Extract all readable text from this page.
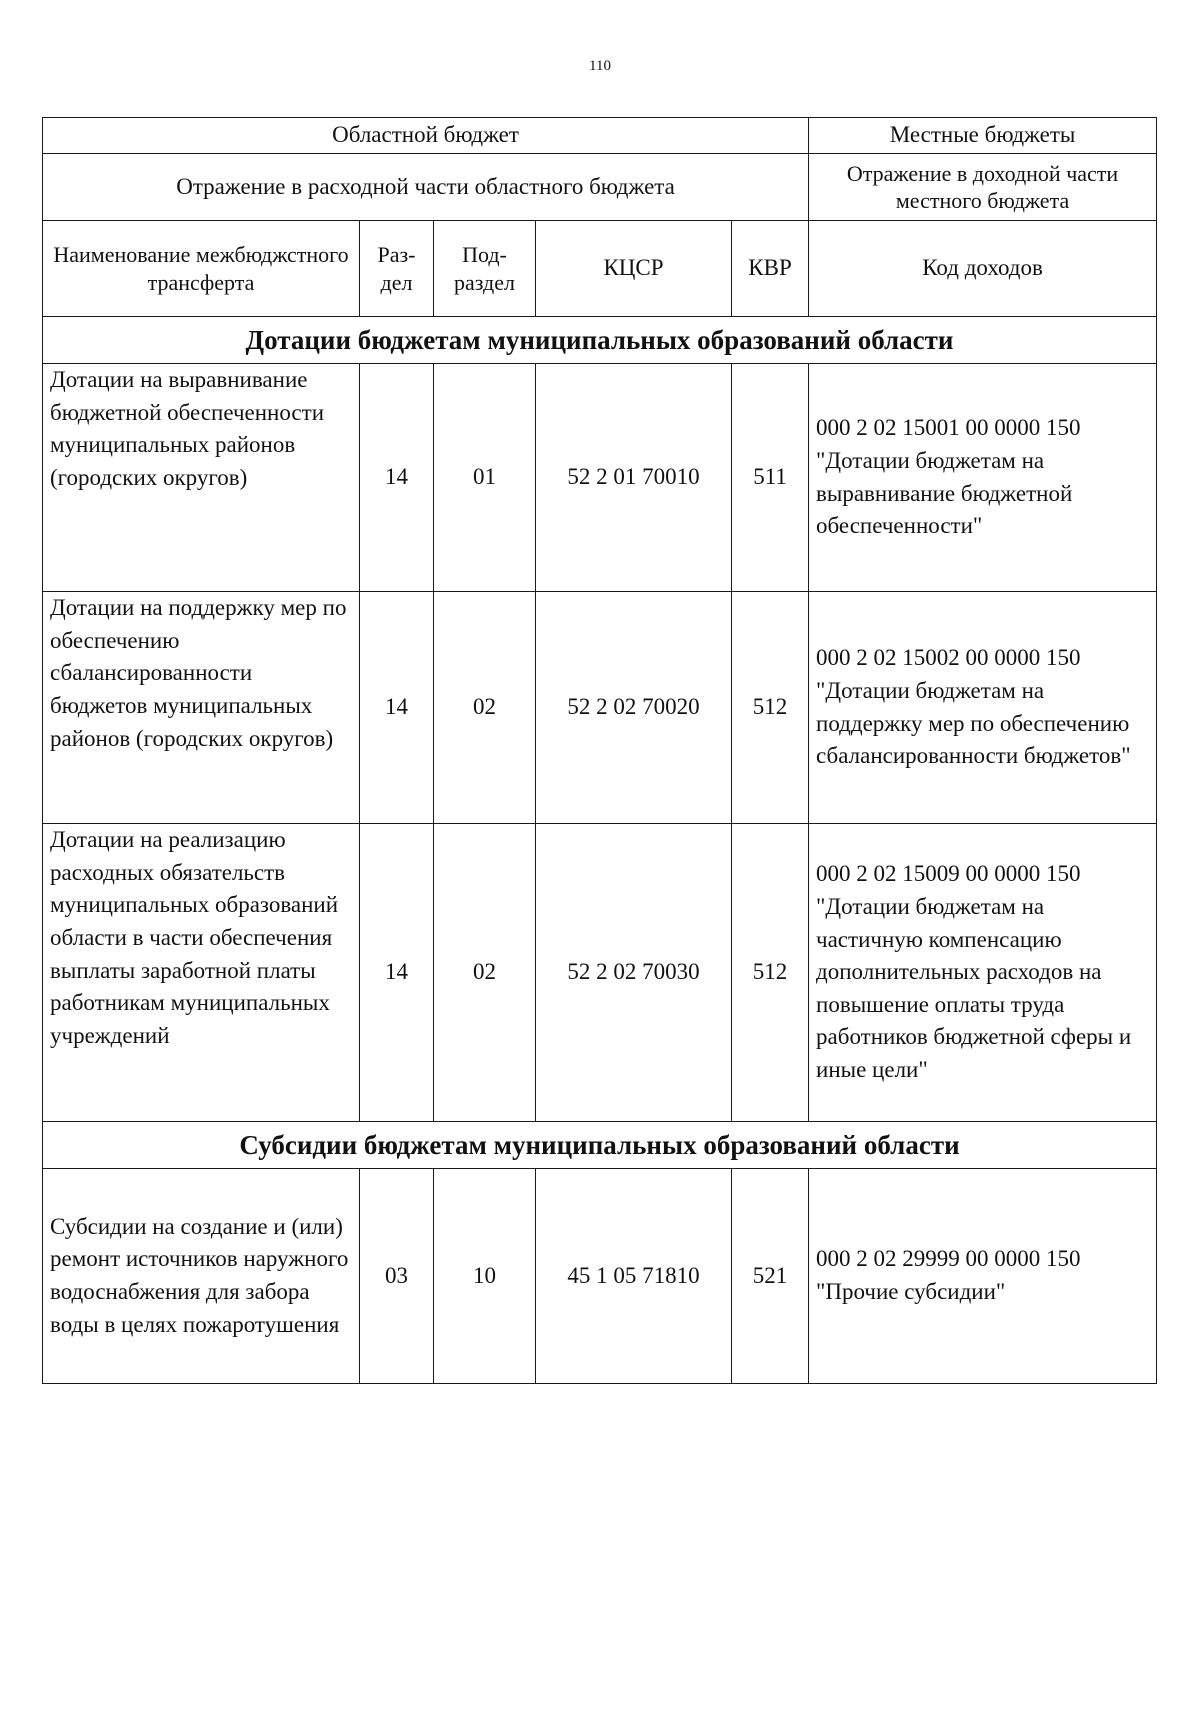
110
Областной бюджет					Местные бюджеты
Отражение в расходной части областного бюджета					Отражение в доходной части местного бюджета
Наименование межбюджстного трансферта	Раз-дел	Под-раздел	КЦСР	КВР	Код доходов
Дотации бюджетам муниципальных образований области					
Дотации на выравнивание бюджетной обеспеченности муниципальных районов (городских округов)	14	01	52 2 01 70010	511	000 2 02 15001 00 0000 150 "Дотации бюджетам на выравнивание бюджетной обеспеченности"
Дотации на поддержку мер по обеспечению сбалансированности бюджетов муниципальных районов (городских округов)	14	02	52 2 02 70020	512	000 2 02 15002 00 0000 150 "Дотации бюджетам на поддержку мер по обеспечению сбалансированности бюджетов"
Дотации на реализацию расходных обязательств муниципальных образований области в части обеспечения выплаты заработной платы работникам муниципальных учреждений	14	02	52 2 02 70030	512	000 2 02 15009 00 0000 150 "Дотации бюджетам на частичную компенсацию дополнительных расходов на повышение оплаты труда работников бюджетной сферы и иные цели"
Субсидии бюджетам муниципальных образований области					
Субсидии на создание и (или) ремонт источников наружного водоснабжения для забора воды в целях пожаротушения	03	10	45 1 05 71810	521	000 2 02 29999 00 0000 150 "Прочие субсидии"
